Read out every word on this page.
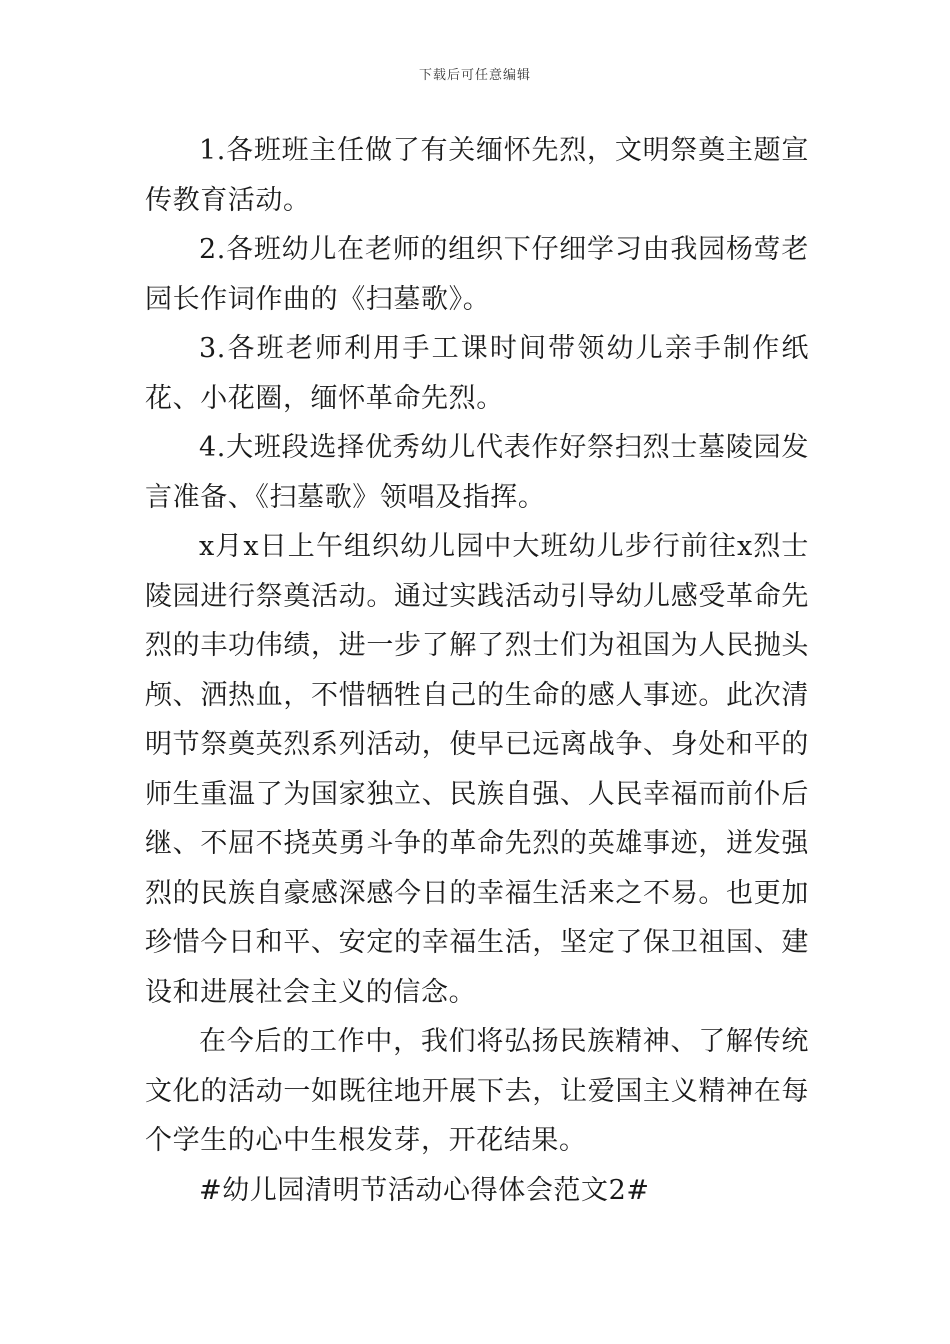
下载后可任意编辑

1.各班班主任做了有关缅怀先烈，文明祭奠主题宣传教育活动。

2.各班幼儿在老师的组织下仔细学习由我园杨莺老园长作词作曲的《扫墓歌》。

3.各班老师利用手工课时间带领幼儿亲手制作纸花、小花圈，缅怀革命先烈。

4.大班段选择优秀幼儿代表作好祭扫烈士墓陵园发言准备、《扫墓歌》领唱及指挥。

x月x日上午组织幼儿园中大班幼儿步行前往x烈士陵园进行祭奠活动。通过实践活动引导幼儿感受革命先烈的丰功伟绩，进一步了解了烈士们为祖国为人民抛头颅、洒热血，不惜牺牲自己的生命的感人事迹。此次清明节祭奠英烈系列活动，使早已远离战争、身处和平的师生重温了为国家独立、民族自强、人民幸福而前仆后继、不屈不挠英勇斗争的革命先烈的英雄事迹，迸发强烈的民族自豪感深感今日的幸福生活来之不易。也更加珍惜今日和平、安定的幸福生活，坚定了保卫祖国、建设和进展社会主义的信念。

在今后的工作中，我们将弘扬民族精神、了解传统文化的活动一如既往地开展下去，让爱国主义精神在每个学生的心中生根发芽，开花结果。

#幼儿园清明节活动心得体会范文2#
